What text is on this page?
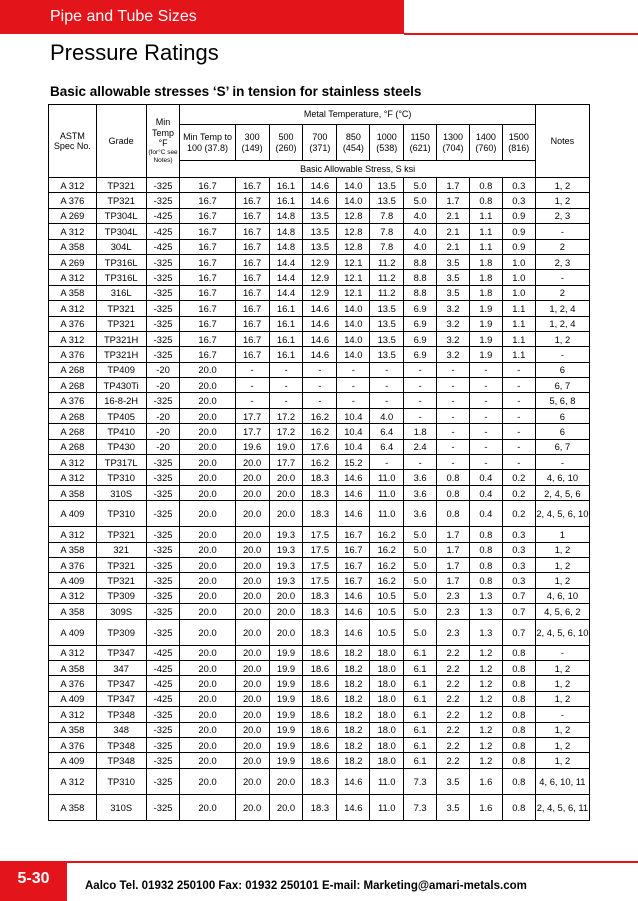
Pipe and Tube Sizes
Pressure Ratings
Basic allowable stresses ‘S’ in tension for stainless steels
ASTM Spec No.	Grade	Min Temp °F
(for°C see Notes)	Metal Temperature, °F (°C)										Notes
			Min Temp to 100 (37.8)	300 (149)	500 (260)	700 (371)	850 (454)	1000 (538)	1150 (621)	1300 (704)	1400 (760)	1500 (816)	
			Basic Allowable Stress, S ksi										
A 312	TP321	-325	16.7	16.7	16.1	14.6	14.0	13.5	5.0	1.7	0.8	0.3	1, 2
A 376	TP321	-325	16.7	16.7	16.1	14.6	14.0	13.5	5.0	1.7	0.8	0.3	1, 2
A 269	TP304L	-425	16.7	16.7	14.8	13.5	12.8	7.8	4.0	2.1	1.1	0.9	2, 3
A 312	TP304L	-425	16.7	16.7	14.8	13.5	12.8	7.8	4.0	2.1	1.1	0.9	-
A 358	304L	-425	16.7	16.7	14.8	13.5	12.8	7.8	4.0	2.1	1.1	0.9	2
A 269	TP316L	-325	16.7	16.7	14.4	12.9	12.1	11.2	8.8	3.5	1.8	1.0	2, 3
A 312	TP316L	-325	16.7	16.7	14.4	12.9	12.1	11.2	8.8	3.5	1.8	1.0	-
A 358	316L	-325	16.7	16.7	14.4	12.9	12.1	11.2	8.8	3.5	1.8	1.0	2
A 312	TP321	-325	16.7	16.7	16.1	14.6	14.0	13.5	6.9	3.2	1.9	1.1	1, 2, 4
A 376	TP321	-325	16.7	16.7	16.1	14.6	14.0	13.5	6.9	3.2	1.9	1.1	1, 2, 4
A 312	TP321H	-325	16.7	16.7	16.1	14.6	14.0	13.5	6.9	3.2	1.9	1.1	1, 2
A 376	TP321H	-325	16.7	16.7	16.1	14.6	14.0	13.5	6.9	3.2	1.9	1.1	-
A 268	TP409	-20	20.0	-	-	-	-	-	-	-	-	-	6
A 268	TP430Ti	-20	20.0	-	-	-	-	-	-	-	-	-	6, 7
A 376	16-8-2H	-325	20.0	-	-	-	-	-	-	-	-	-	5, 6, 8
A 268	TP405	-20	20.0	17.7	17.2	16.2	10.4	4.0	-	-	-	-	6
A 268	TP410	-20	20.0	17.7	17.2	16.2	10.4	6.4	1.8	-	-	-	6
A 268	TP430	-20	20.0	19.6	19.0	17.6	10.4	6.4	2.4	-	-	-	6, 7
A 312	TP317L	-325	20.0	20.0	17.7	16.2	15.2	-	-	-	-	-	-
A 312	TP310	-325	20.0	20.0	20.0	18.3	14.6	11.0	3.6	0.8	0.4	0.2	4, 6, 10
A 358	310S	-325	20.0	20.0	20.0	18.3	14.6	11.0	3.6	0.8	0.4	0.2	2, 4, 5, 6
A 409	TP310	-325	20.0	20.0	20.0	18.3	14.6	11.0	3.6	0.8	0.4	0.2	2, 4, 5, 6, 10
A 312	TP321	-325	20.0	20.0	19.3	17.5	16.7	16.2	5.0	1.7	0.8	0.3	1
A 358	321	-325	20.0	20.0	19.3	17.5	16.7	16.2	5.0	1.7	0.8	0.3	1, 2
A 376	TP321	-325	20.0	20.0	19.3	17.5	16.7	16.2	5.0	1.7	0.8	0.3	1, 2
A 409	TP321	-325	20.0	20.0	19.3	17.5	16.7	16.2	5.0	1.7	0.8	0.3	1, 2
A 312	TP309	-325	20.0	20.0	20.0	18.3	14.6	10.5	5.0	2.3	1.3	0.7	4, 6, 10
A 358	309S	-325	20.0	20.0	20.0	18.3	14.6	10.5	5.0	2.3	1.3	0.7	4, 5, 6, 2
A 409	TP309	-325	20.0	20.0	20.0	18.3	14.6	10.5	5.0	2.3	1.3	0.7	2, 4, 5, 6, 10
A 312	TP347	-425	20.0	20.0	19.9	18.6	18.2	18.0	6.1	2.2	1.2	0.8	-
A 358	347	-425	20.0	20.0	19.9	18.6	18.2	18.0	6.1	2.2	1.2	0.8	1, 2
A 376	TP347	-425	20.0	20.0	19.9	18.6	18.2	18.0	6.1	2.2	1.2	0.8	1, 2
A 409	TP347	-425	20.0	20.0	19.9	18.6	18.2	18.0	6.1	2.2	1.2	0.8	1, 2
A 312	TP348	-325	20.0	20.0	19.9	18.6	18.2	18.0	6.1	2.2	1.2	0.8	-
A 358	348	-325	20.0	20.0	19.9	18.6	18.2	18.0	6.1	2.2	1.2	0.8	1, 2
A 376	TP348	-325	20.0	20.0	19.9	18.6	18.2	18.0	6.1	2.2	1.2	0.8	1, 2
A 409	TP348	-325	20.0	20.0	19.9	18.6	18.2	18.0	6.1	2.2	1.2	0.8	1, 2
A 312	TP310	-325	20.0	20.0	20.0	18.3	14.6	11.0	7.3	3.5	1.6	0.8	4, 6, 10, 11
A 358	310S	-325	20.0	20.0	20.0	18.3	14.6	11.0	7.3	3.5	1.6	0.8	2, 4, 5, 6, 11
5-30	Aalco Tel. 01932 250100 Fax: 01932 250101 E-mail: Marketing@amari-metals.com
